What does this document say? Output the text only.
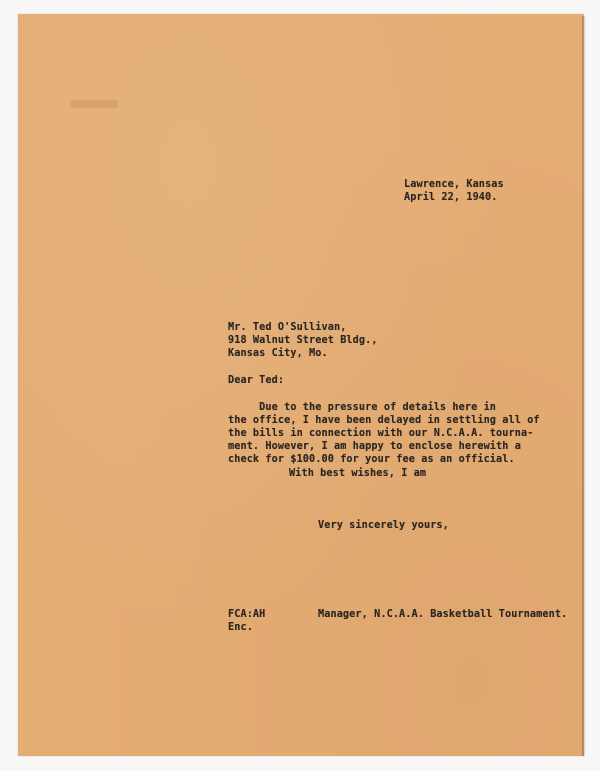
Lawrence, Kansas
April 22, 1940.
Mr. Ted O'Sullivan,
918 Walnut Street Bldg.,
Kansas City, Mo.
Dear Ted:
Due to the pressure of details here in
the office, I have been delayed in settling all of
the bills in connection with our N.C.A.A. tourna-
ment. However, I am happy to enclose herewith a
check for $100.00 for your fee as an official.
With best wishes, I am
Very sincerely yours,
FCA:AH
Enc.
Manager, N.C.A.A. Basketball Tournament.
